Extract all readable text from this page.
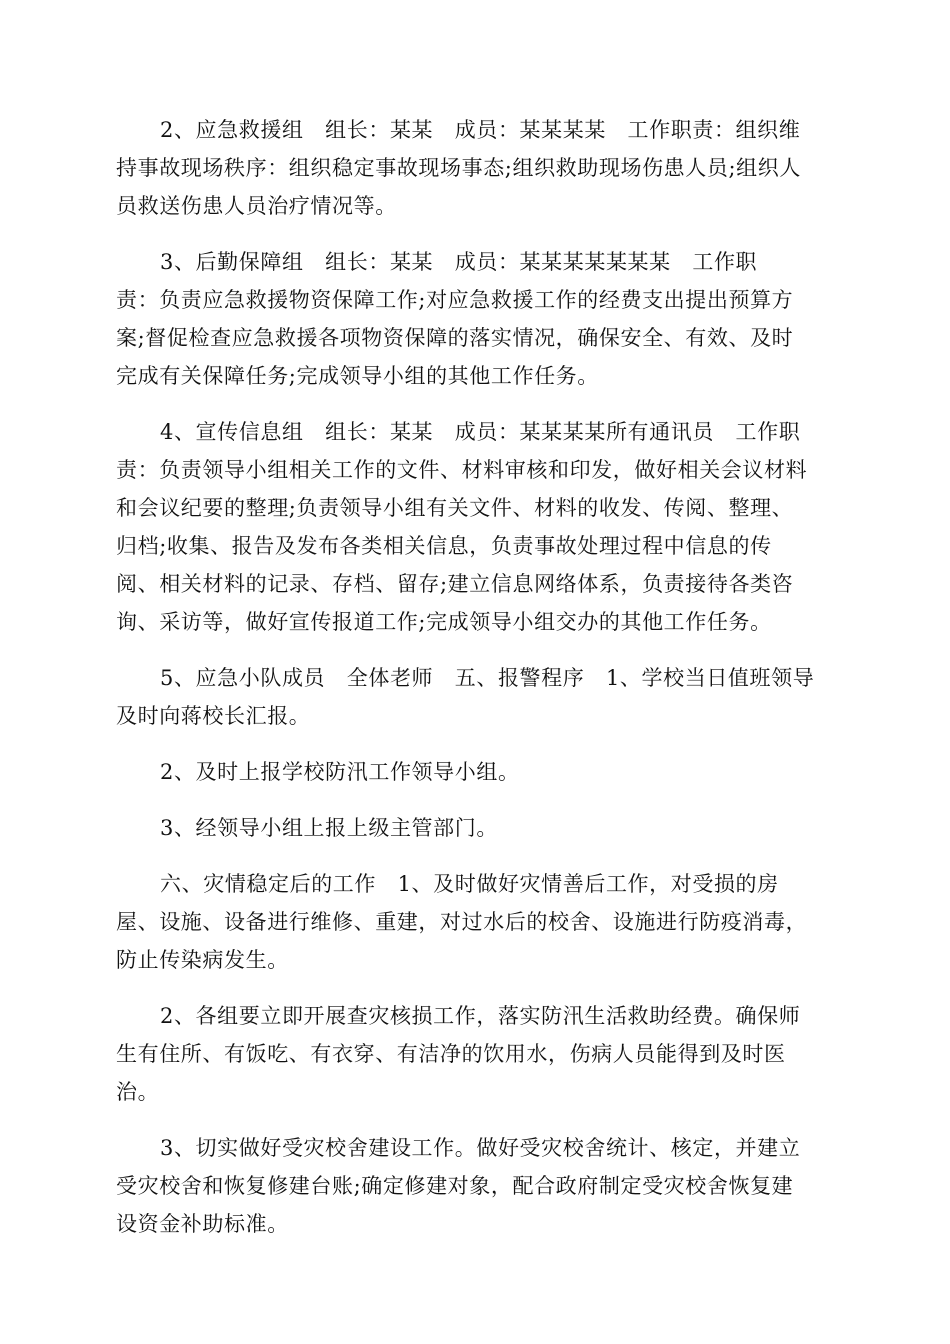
2、应急救援组　组长：某某　成员：某某某某　工作职责：组织维
持事故现场秩序：组织稳定事故现场事态;组织救助现场伤患人员;组织人
员救送伤患人员治疗情况等。

3、后勤保障组　组长：某某　成员：某某某某某某某　工作职
责：负责应急救援物资保障工作;对应急救援工作的经费支出提出预算方
案;督促检查应急救援各项物资保障的落实情况，确保安全、有效、及时
完成有关保障任务;完成领导小组的其他工作任务。

4、宣传信息组　组长：某某　成员：某某某某所有通讯员　工作职
责：负责领导小组相关工作的文件、材料审核和印发，做好相关会议材料
和会议纪要的整理;负责领导小组有关文件、材料的收发、传阅、整理、
归档;收集、报告及发布各类相关信息，负责事故处理过程中信息的传
阅、相关材料的记录、存档、留存;建立信息网络体系，负责接待各类咨
询、采访等，做好宣传报道工作;完成领导小组交办的其他工作任务。

5、应急小队成员　全体老师　五、报警程序　1、学校当日值班领导
及时向蒋校长汇报。

2、及时上报学校防汛工作领导小组。

3、经领导小组上报上级主管部门。

六、灾情稳定后的工作　1、及时做好灾情善后工作，对受损的房
屋、设施、设备进行维修、重建，对过水后的校舍、设施进行防疫消毒，
防止传染病发生。

2、各组要立即开展查灾核损工作，落实防汛生活救助经费。确保师
生有住所、有饭吃、有衣穿、有洁净的饮用水，伤病人员能得到及时医
治。

3、切实做好受灾校舍建设工作。做好受灾校舍统计、核定，并建立
受灾校舍和恢复修建台账;确定修建对象，配合政府制定受灾校舍恢复建
设资金补助标准。
